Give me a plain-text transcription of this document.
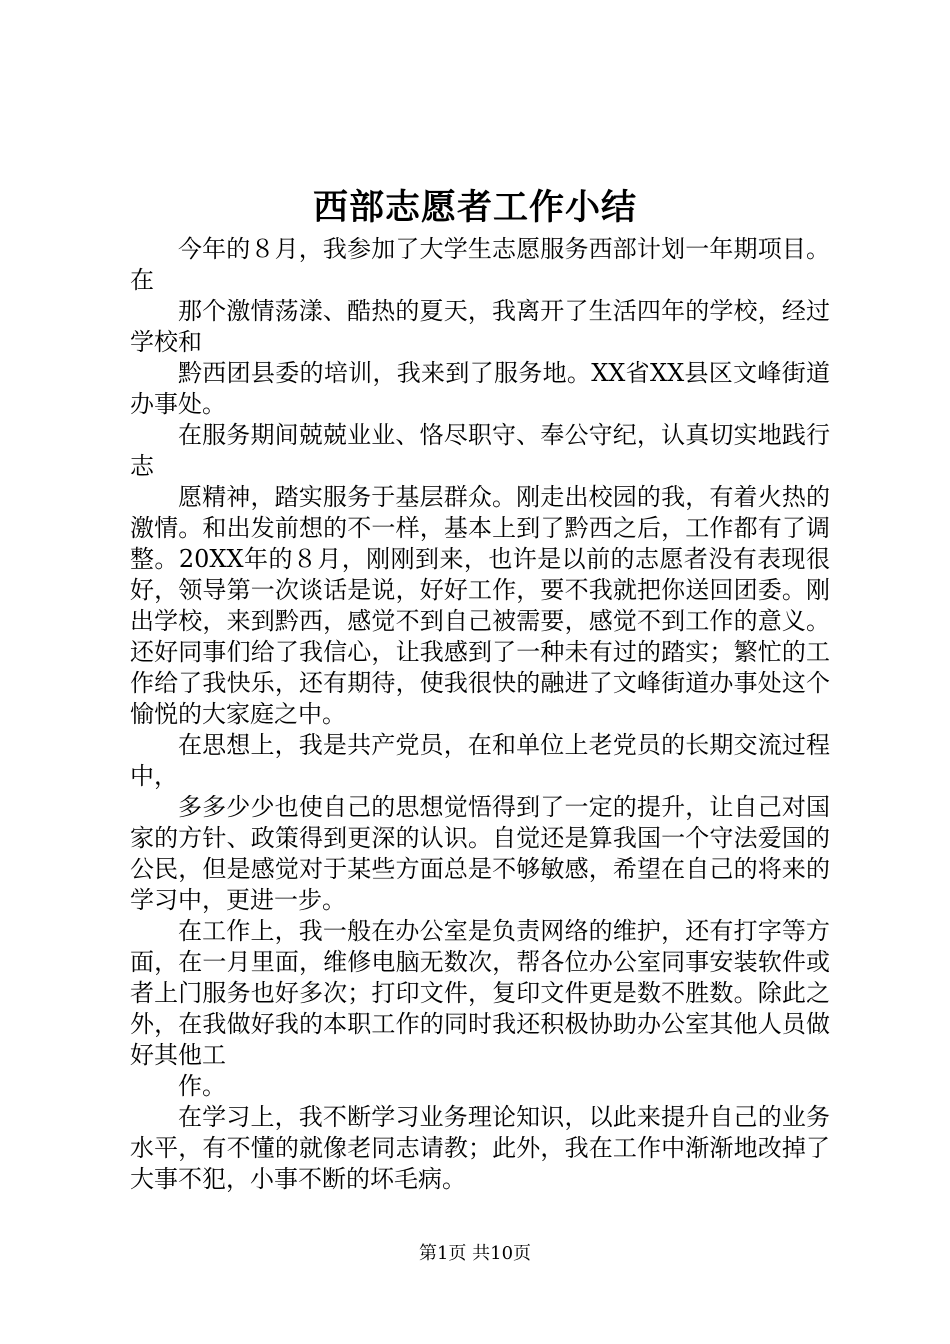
西部志愿者工作小结

今年的８月，我参加了大学生志愿服务西部计划一年期项目。在

那个激情荡漾、酷热的夏天，我离开了生活四年的学校，经过学校和

黔西团县委的培训，我来到了服务地。XX省XX县区文峰街道办事处。

在服务期间兢兢业业、恪尽职守、奉公守纪，认真切实地践行志

愿精神，踏实服务于基层群众。刚走出校园的我，有着火热的激情。和出发前想的不一样，基本上到了黔西之后，工作都有了调整。20XX年的８月，刚刚到来，也许是以前的志愿者没有表现很好，领导第一次谈话是说，好好工作，要不我就把你送回团委。刚出学校，来到黔西，感觉不到自己被需要，感觉不到工作的意义。还好同事们给了我信心，让我感到了一种未有过的踏实；繁忙的工作给了我快乐，还有期待，使我很快的融进了文峰街道办事处这个愉悦的大家庭之中。

在思想上，我是共产党员，在和单位上老党员的长期交流过程中，

多多少少也使自己的思想觉悟得到了一定的提升，让自己对国家的方针、政策得到更深的认识。自觉还是算我国一个守法爱国的公民，但是感觉对于某些方面总是不够敏感，希望在自己的将来的学习中，更进一步。

在工作上，我一般在办公室是负责网络的维护，还有打字等方面，在一月里面，维修电脑无数次，帮各位办公室同事安装软件或者上门服务也好多次；打印文件，复印文件更是数不胜数。除此之外，在我做好我的本职工作的同时我还积极协助办公室其他人员做好其他工

作。

在学习上，我不断学习业务理论知识，以此来提升自己的业务水平，有不懂的就像老同志请教；此外，我在工作中渐渐地改掉了大事不犯，小事不断的坏毛病。

第1页 共10页
